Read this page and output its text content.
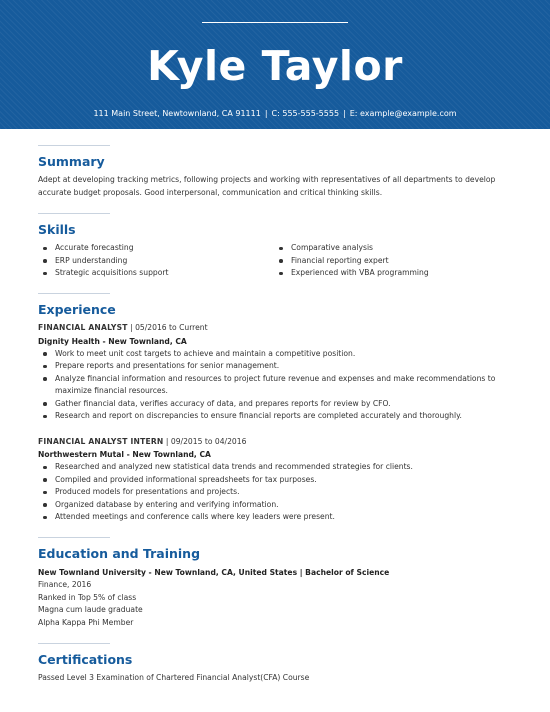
Kyle Taylor
111 Main Street, Newtownland, CA 91111 | C: 555-555-5555 | E: example@example.com
Summary
Adept at developing tracking metrics, following projects and working with representatives of all departments to develop accurate budget proposals. Good interpersonal, communication and critical thinking skills.
Skills
Accurate forecasting
ERP understanding
Strategic acquisitions support
Comparative analysis
Financial reporting expert
Experienced with VBA programming
Experience
FINANCIAL ANALYST | 05/2016 to Current
Dignity Health - New Townland, CA
Work to meet unit cost targets to achieve and maintain a competitive position.
Prepare reports and presentations for senior management.
Analyze financial information and resources to project future revenue and expenses and make recommendations to maximize financial resources.
Gather financial data, verifies accuracy of data, and prepares reports for review by CFO.
Research and report on discrepancies to ensure financial reports are completed accurately and thoroughly.
FINANCIAL ANALYST INTERN | 09/2015 to 04/2016
Northwestern Mutal - New Townland, CA
Researched and analyzed new statistical data trends and recommended strategies for clients.
Compiled and provided informational spreadsheets for tax purposes.
Produced models for presentations and projects.
Organized database by entering and verifying information.
Attended meetings and conference calls where key leaders were present.
Education and Training
New Townland University - New Townland, CA, United States | Bachelor of Science
Finance, 2016
Ranked in Top 5% of class
Magna cum laude graduate
Alpha Kappa Phi Member
Certifications
Passed Level 3 Examination of Chartered Financial Analyst(CFA) Course
